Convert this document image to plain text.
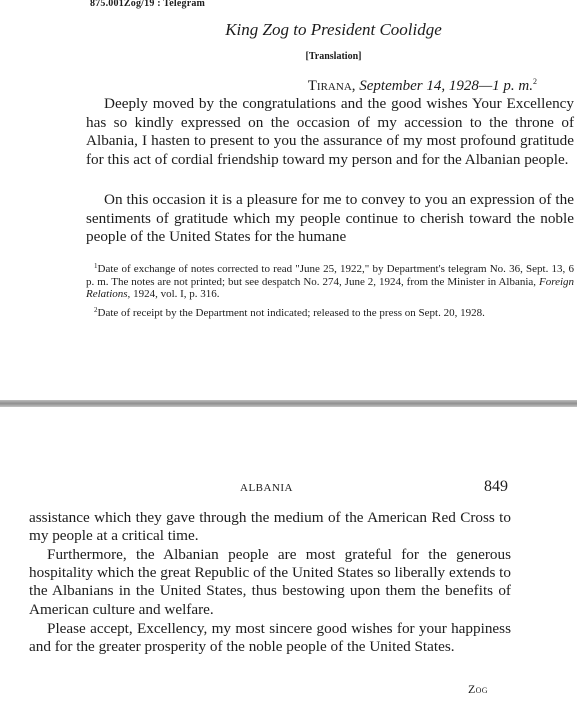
875.001Zog/19 : Telegram
King Zog to President Coolidge
[Translation]
Tirana, September 14, 1928—1 p. m.$^2$

Deeply moved by the congratulations and the good wishes Your Excellency has so kindly expressed on the occasion of my accession to the throne of Albania, I hasten to present to you the assurance of my most profound gratitude for this act of cordial friendship toward my person and for the Albanian people.

On this occasion it is a pleasure for me to convey to you an expression of the sentiments of gratitude which my people continue to cherish toward the noble people of the United States for the humane

$^1$Date of exchange of notes corrected to read "June 25, 1922," by Department's telegram No. 36, Sept. 13, 6 p. m. The notes are not printed; but see despatch No. 274, June 2, 1924, from the Minister in Albania, Foreign Relations, 1924, vol. I, p. 316.

$^2$Date of receipt by the Department not indicated; released to the press on Sept. 20, 1928.

ALBANIA	849

assistance which they gave through the medium of the American Red Cross to my people at a critical time.

Furthermore, the Albanian people are most grateful for the generous hospitality which the great Republic of the United States so liberally extends to the Albanians in the United States, thus bestowing upon them the benefits of American culture and welfare.

Please accept, Excellency, my most sincere good wishes for your happiness and for the greater prosperity of the noble people of the United States.

Zog
